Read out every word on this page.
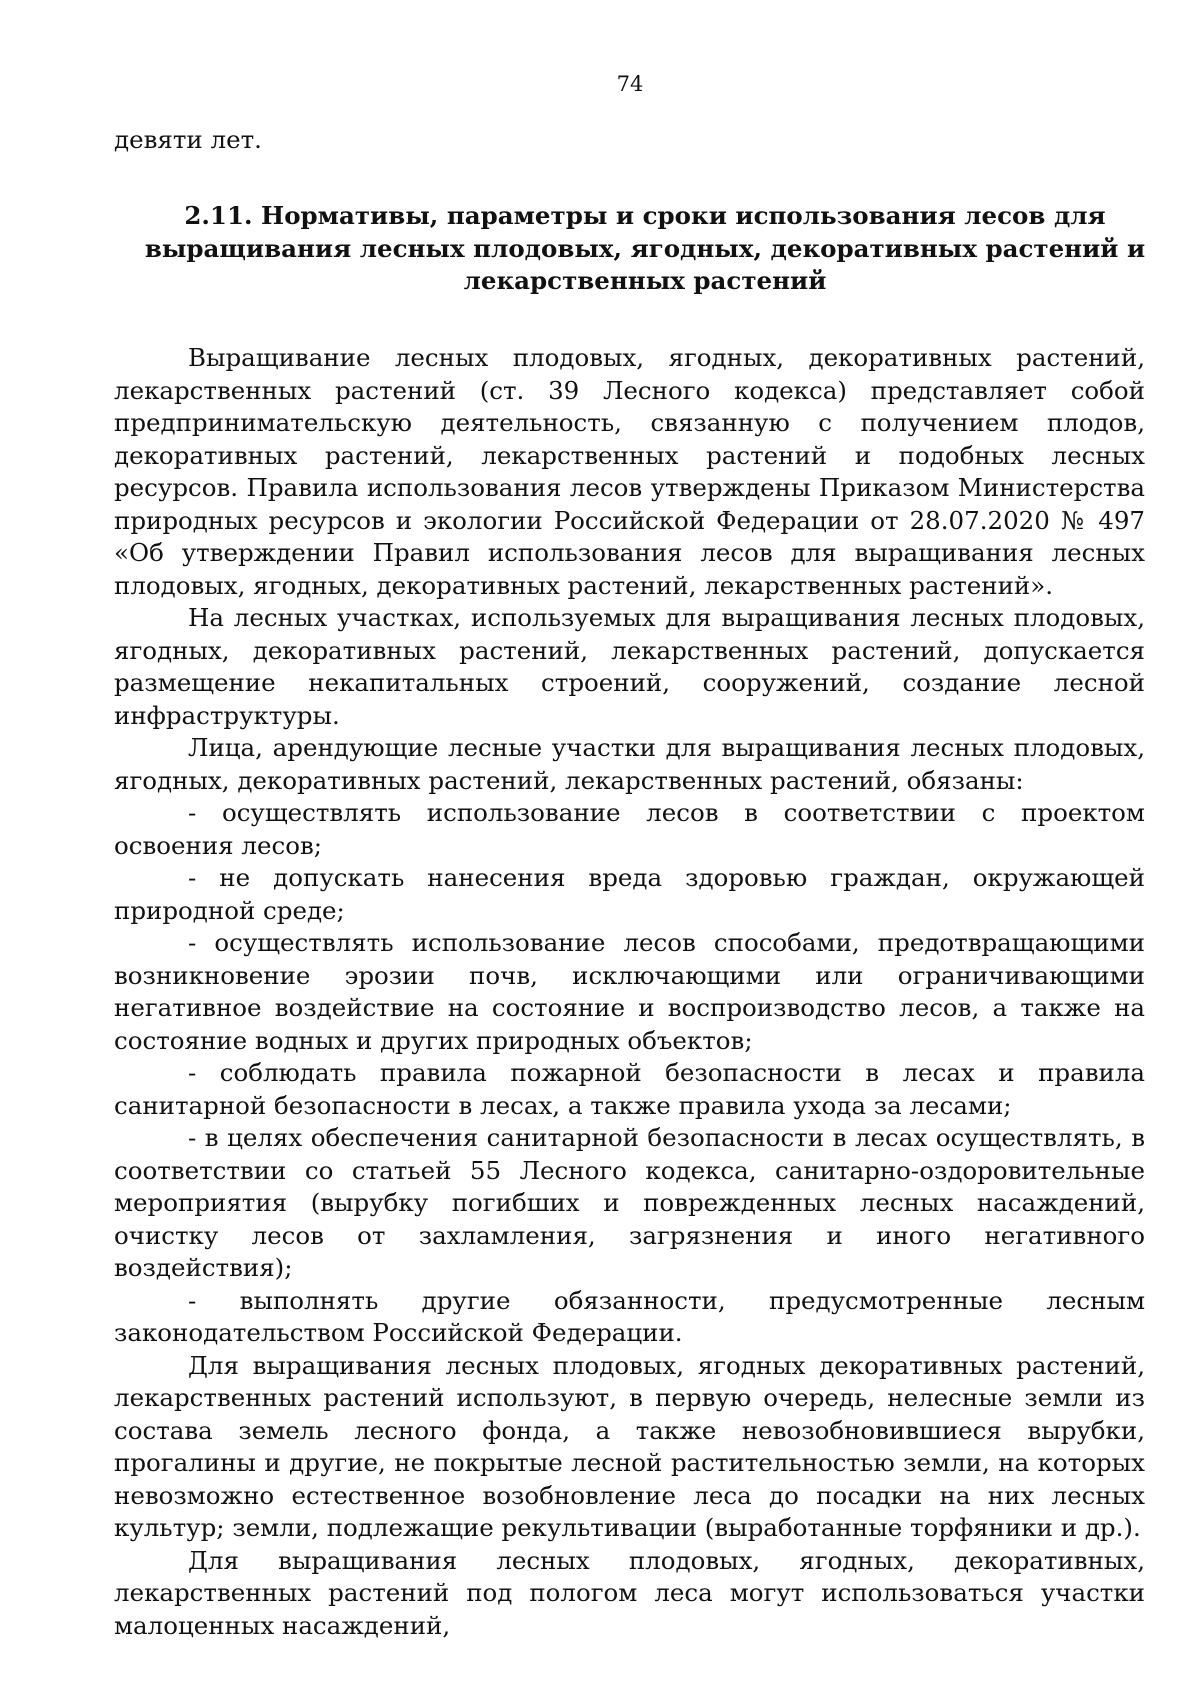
74
девяти лет.
2.11. Нормативы, параметры и сроки использования лесов для выращивания лесных плодовых, ягодных, декоративных растений и лекарственных растений

Выращивание лесных плодовых, ягодных, декоративных растений, лекарственных растений (ст. 39 Лесного кодекса) представляет собой предпринимательскую деятельность, связанную с получением плодов, декоративных растений, лекарственных растений и подобных лесных ресурсов. Правила использования лесов утверждены Приказом Министерства природных ресурсов и экологии Российской Федерации от 28.07.2020 № 497 «Об утверждении Правил использования лесов для выращивания лесных плодовых, ягодных, декоративных растений, лекарственных растений».

На лесных участках, используемых для выращивания лесных плодовых, ягодных, декоративных растений, лекарственных растений, допускается размещение некапитальных строений, сооружений, создание лесной инфраструктуры.

Лица, арендующие лесные участки для выращивания лесных плодовых, ягодных, декоративных растений, лекарственных растений, обязаны:

- осуществлять использование лесов в соответствии с проектом освоения лесов;

- не допускать нанесения вреда здоровью граждан, окружающей природной среде;

- осуществлять использование лесов способами, предотвращающими возникновение эрозии почв, исключающими или ограничивающими негативное воздействие на состояние и воспроизводство лесов, а также на состояние водных и других природных объектов;

- соблюдать правила пожарной безопасности в лесах и правила санитарной безопасности в лесах, а также правила ухода за лесами;

- в целях обеспечения санитарной безопасности в лесах осуществлять, в соответствии со статьей 55 Лесного кодекса, санитарно-оздоровительные мероприятия (вырубку погибших и поврежденных лесных насаждений, очистку лесов от захламления, загрязнения и иного негативного воздействия);

- выполнять другие обязанности, предусмотренные лесным законодательством Российской Федерации.

Для выращивания лесных плодовых, ягодных декоративных растений, лекарственных растений используют, в первую очередь, нелесные земли из состава земель лесного фонда, а также невозобновившиеся вырубки, прогалины и другие, не покрытые лесной растительностью земли, на которых невозможно естественное возобновление леса до посадки на них лесных культур; земли, подлежащие рекультивации (выработанные торфяники и др.).

Для выращивания лесных плодовых, ягодных, декоративных, лекарственных растений под пологом леса могут использоваться участки малоценных насаждений,
